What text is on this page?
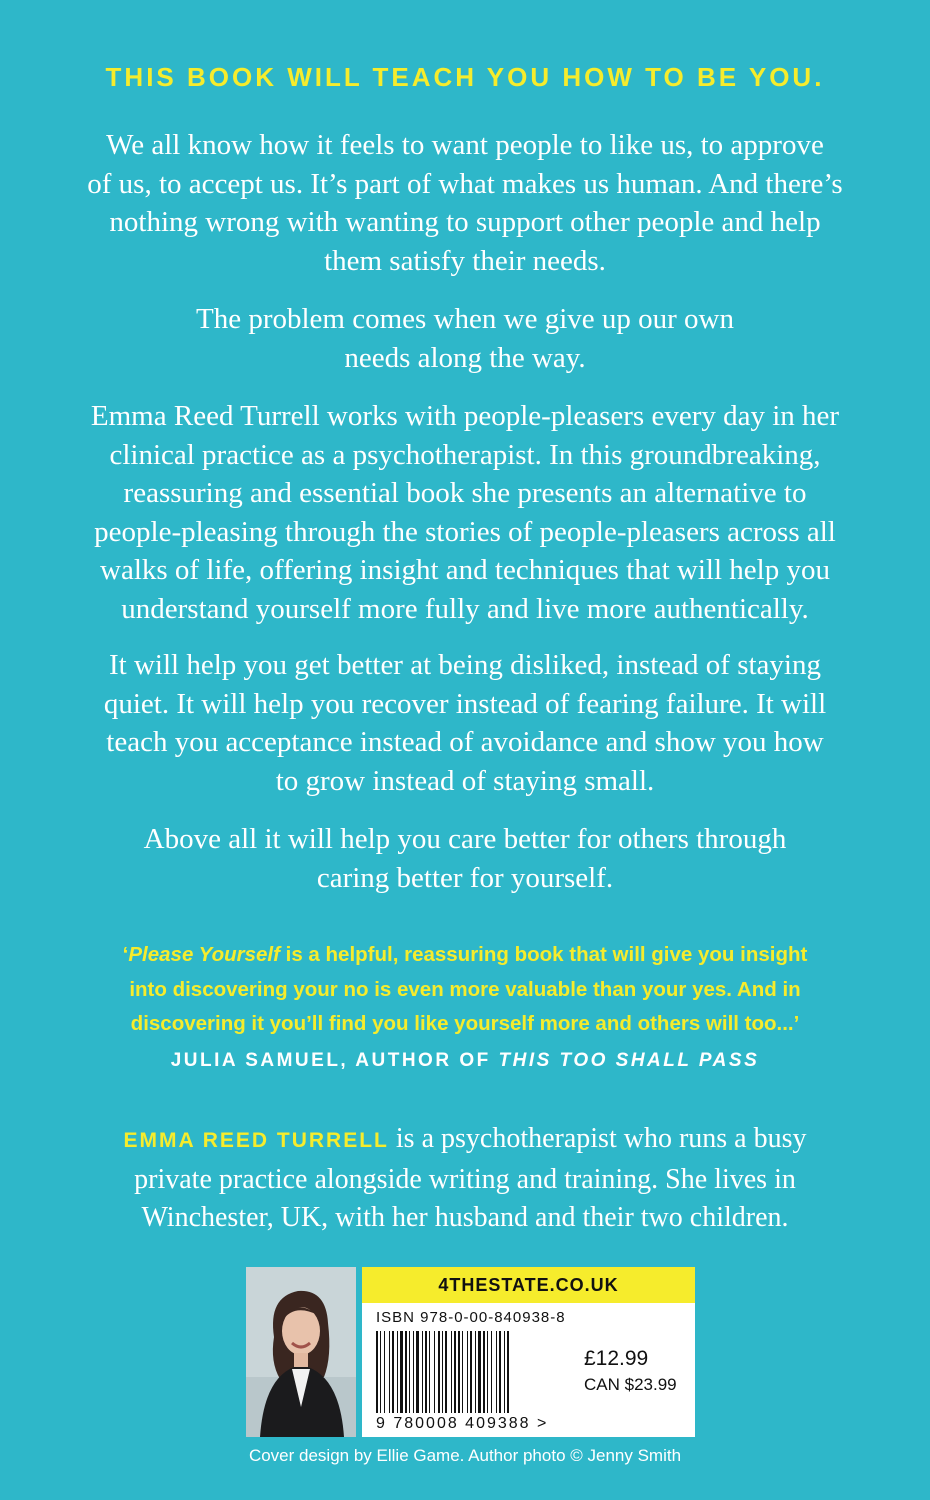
THIS BOOK WILL TEACH YOU HOW TO BE YOU.
We all know how it feels to want people to like us, to approve
of us, to accept us. It’s part of what makes us human. And there’s
nothing wrong with wanting to support other people and help
them satisfy their needs.
The problem comes when we give up our own
needs along the way.
Emma Reed Turrell works with people-pleasers every day in her
clinical practice as a psychotherapist. In this groundbreaking,
reassuring and essential book she presents an alternative to
people-pleasing through the stories of people-pleasers across all
walks of life, offering insight and techniques that will help you
understand yourself more fully and live more authentically.
It will help you get better at being disliked, instead of staying
quiet. It will help you recover instead of fearing failure. It will
teach you acceptance instead of avoidance and show you how
to grow instead of staying small.
Above all it will help you care better for others through
caring better for yourself.
‘Please Yourself is a helpful, reassuring book that will give you insight
into discovering your no is even more valuable than your yes. And in
discovering it you’ll find you like yourself more and others will too...’
JULIA SAMUEL, AUTHOR OF THIS TOO SHALL PASS
EMMA REED TURRELL is a psychotherapist who runs a busy
private practice alongside writing and training. She lives in
Winchester, UK, with her husband and their two children.
4THESTATE.CO.UK
ISBN 978-0-00-840938-8
9 780008 409388 >
£12.99
CAN $23.99
Cover design by Ellie Game. Author photo © Jenny Smith
